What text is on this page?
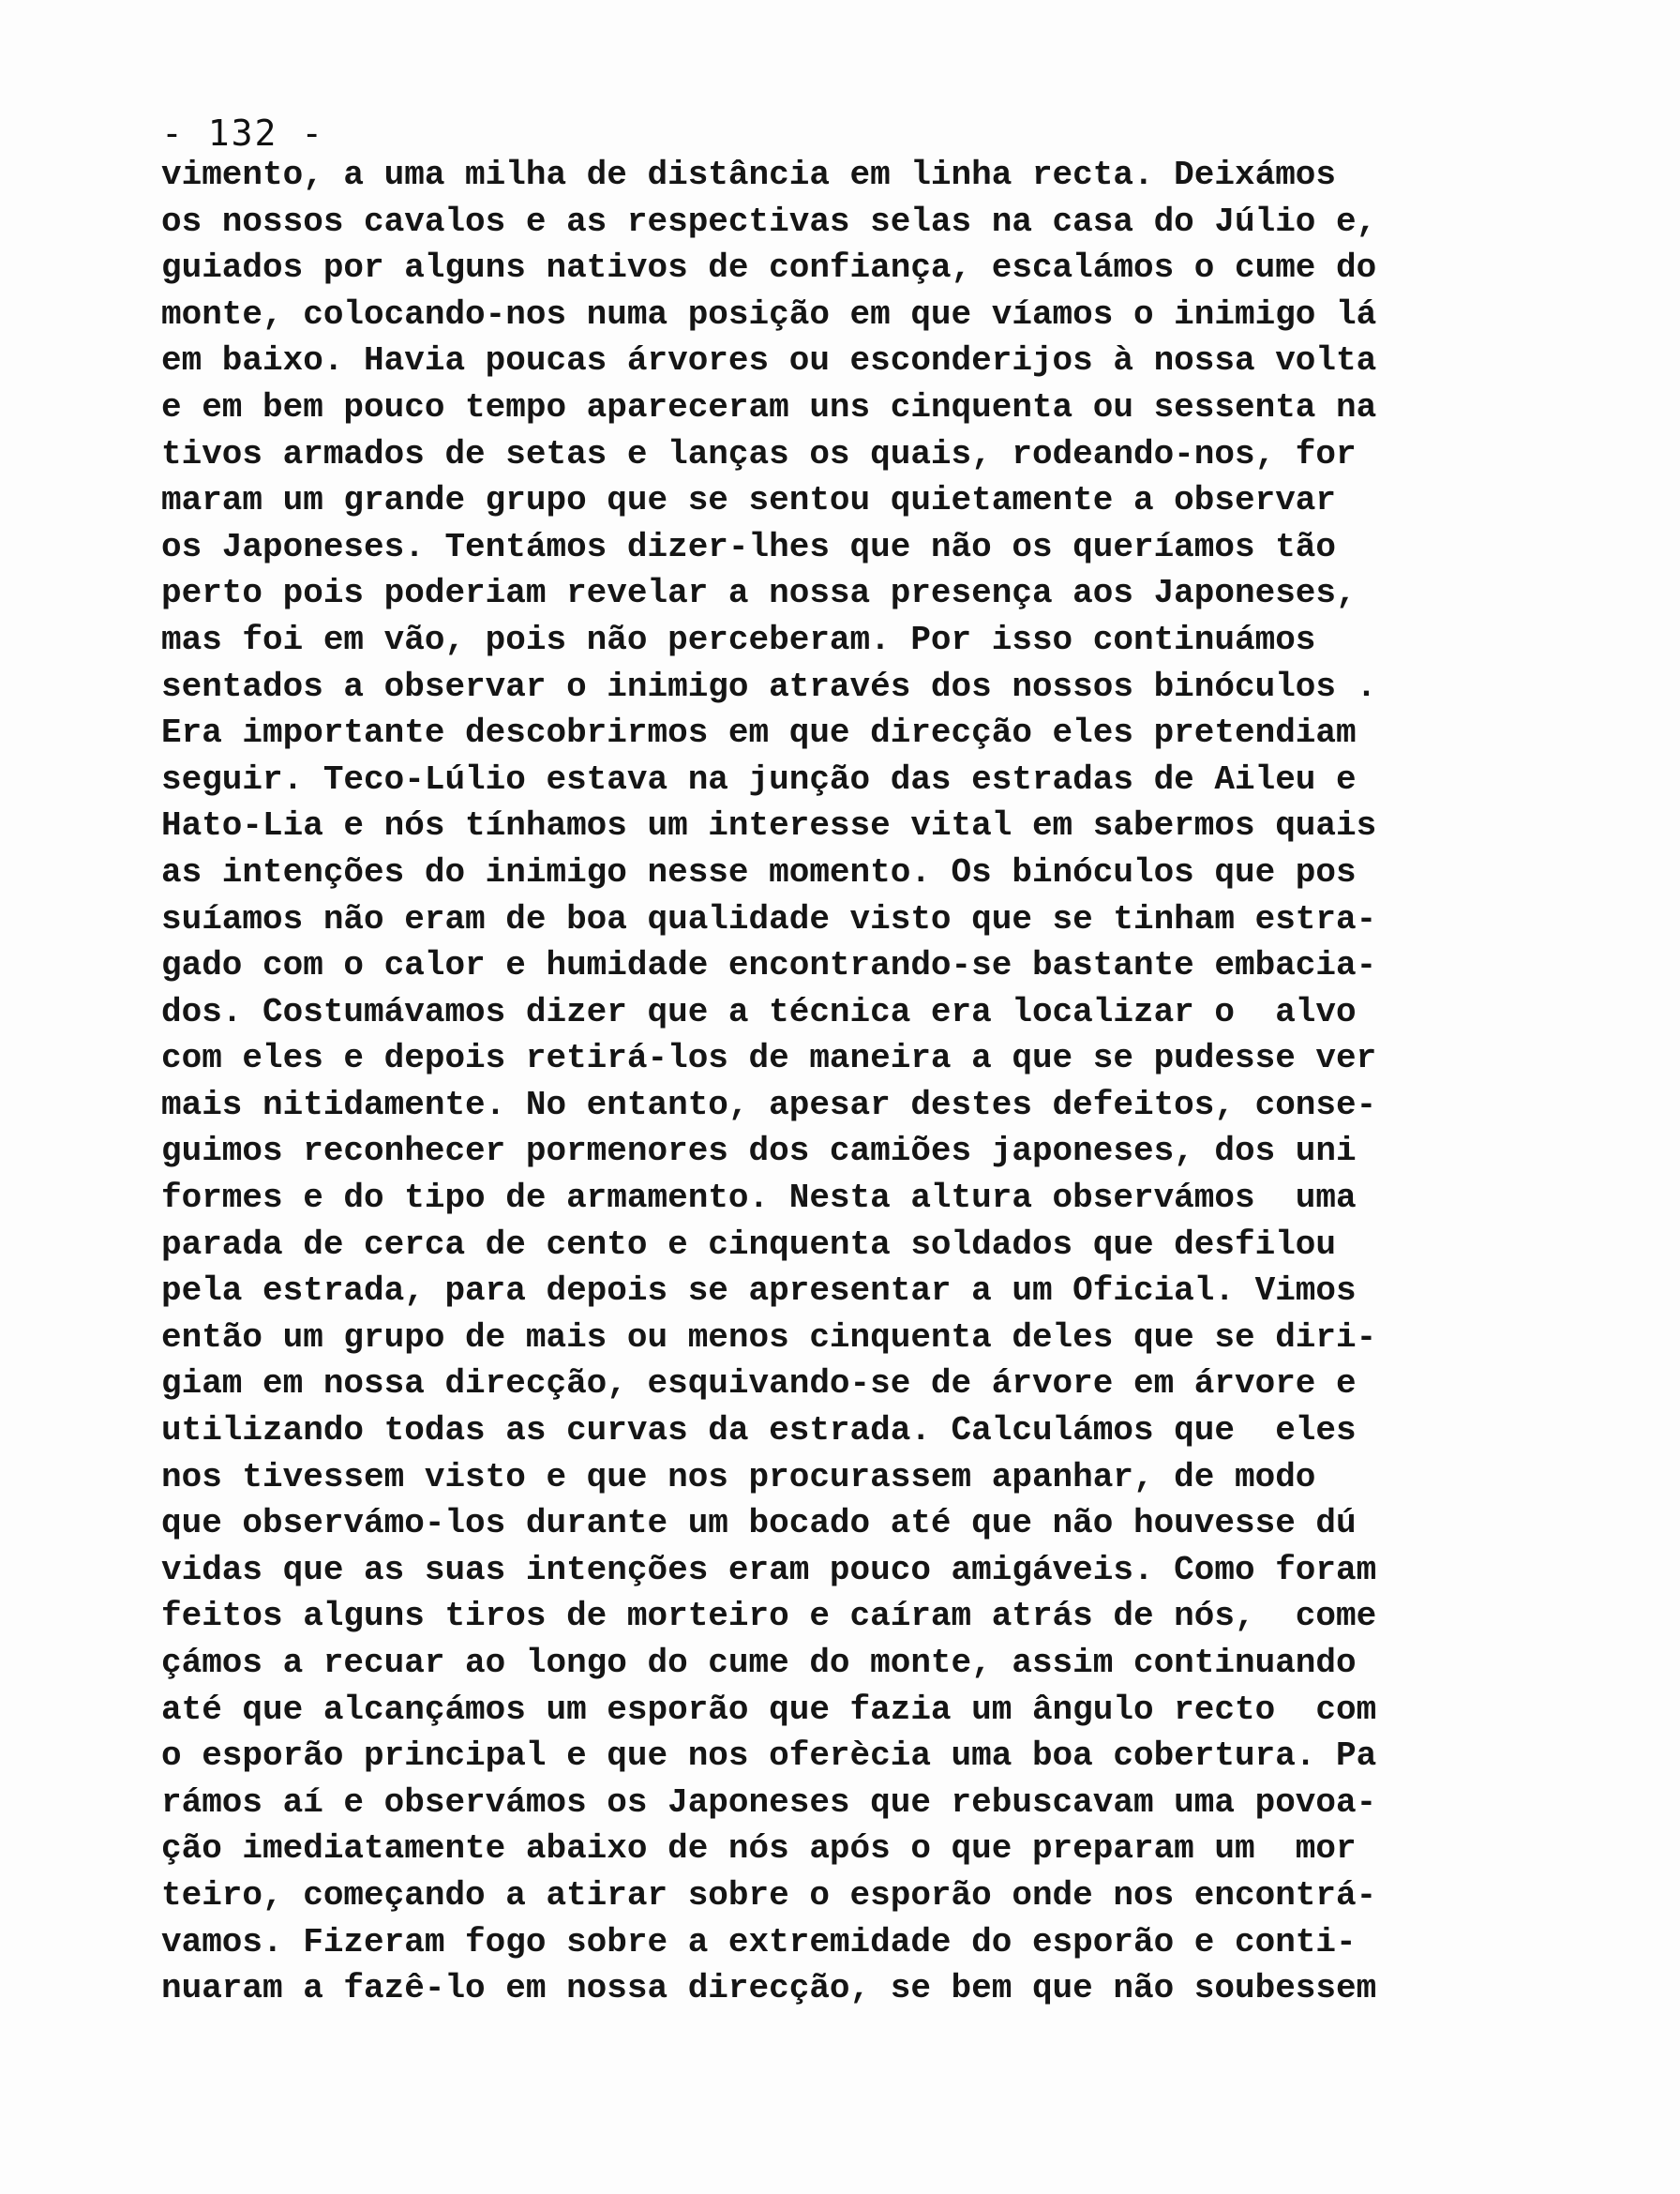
- 132 -
vimento, a uma milha de distância em linha recta. Deixámos
os nossos cavalos e as respectivas selas na casa do Júlio e,
guiados por alguns nativos de confiança, escalámos o cume do
monte, colocando-nos numa posição em que víamos o inimigo lá
em baixo. Havia poucas árvores ou esconderijos à nossa volta
e em bem pouco tempo apareceram uns cinquenta ou sessenta na
tivos armados de setas e lanças os quais, rodeando-nos, for
maram um grande grupo que se sentou quietamente a observar
os Japoneses. Tentámos dizer-lhes que não os queríamos tão
perto pois poderiam revelar a nossa presença aos Japoneses,
mas foi em vão, pois não perceberam. Por isso continuámos
sentados a observar o inimigo através dos nossos binóculos .
Era importante descobrirmos em que direcção eles pretendiam
seguir. Teco-Lúlio estava na junção das estradas de Aileu e
Hato-Lia e nós tínhamos um interesse vital em sabermos quais
as intenções do inimigo nesse momento. Os binóculos que pos
suíamos não eram de boa qualidade visto que se tinham estra-
gado com o calor e humidade encontrando-se bastante embacia-
dos. Costumávamos dizer que a técnica era localizar o  alvo
com eles e depois retirá-los de maneira a que se pudesse ver
mais nitidamente. No entanto, apesar destes defeitos, conse-
guimos reconhecer pormenores dos camiões japoneses, dos uni
formes e do tipo de armamento. Nesta altura observámos  uma
parada de cerca de cento e cinquenta soldados que desfilou
pela estrada, para depois se apresentar a um Oficial. Vimos
então um grupo de mais ou menos cinquenta deles que se diri-
giam em nossa direcção, esquivando-se de árvore em árvore e
utilizando todas as curvas da estrada. Calculámos que  eles
nos tivessem visto e que nos procurassem apanhar, de modo
que observámo-los durante um bocado até que não houvesse dú
vidas que as suas intenções eram pouco amigáveis. Como foram
feitos alguns tiros de morteiro e caíram atrás de nós,  come
çámos a recuar ao longo do cume do monte, assim continuando
até que alcançámos um esporão que fazia um ângulo recto  com
o esporão principal e que nos oferècia uma boa cobertura. Pa
rámos aí e observámos os Japoneses que rebuscavam uma povoa-
ção imediatamente abaixo de nós após o que preparam um  mor
teiro, começando a atirar sobre o esporão onde nos encontrá-
vamos. Fizeram fogo sobre a extremidade do esporão e conti-
nuaram a fazê-lo em nossa direcção, se bem que não soubessem
